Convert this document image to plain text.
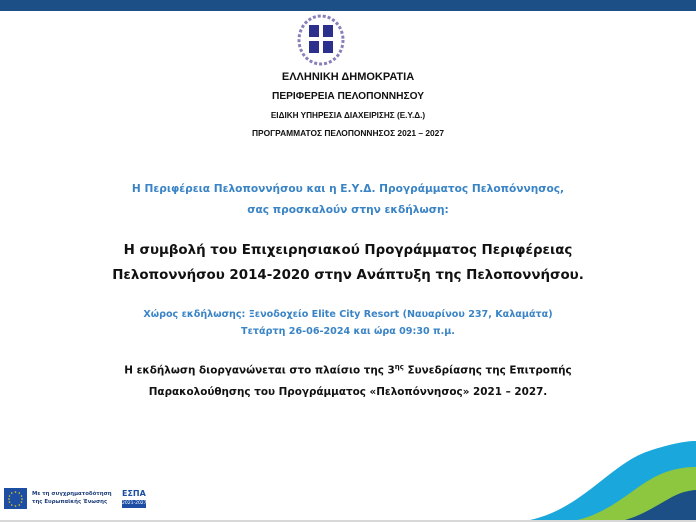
ΕΛΛΗΝΙΚΗ ΔΗΜΟΚΡΑΤΙΑ
ΠΕΡΙΦΕΡΕΙΑ ΠΕΛΟΠΟΝΝΗΣΟΥ
ΕΙΔΙΚΗ ΥΠΗΡΕΣΙΑ ΔΙΑΧΕΙΡΙΣΗΣ (Ε.Υ.Δ.)
ΠΡΟΓΡΑΜΜΑΤΟΣ ΠΕΛΟΠΟΝΝΗΣΟΣ 2021 – 2027
Η Περιφέρεια Πελοποννήσου και η Ε.Υ.Δ. Προγράμματος Πελοπόννησος,
σας προσκαλούν στην εκδήλωση:
Η συμβολή του Επιχειρησιακού Προγράμματος Περιφέρειας
Πελοποννήσου 2014-2020 στην Ανάπτυξη της Πελοποννήσου.
Χώρος εκδήλωσης: Ξενοδοχείο Elite City Resort (Ναυαρίνου 237, Καλαμάτα)
Τετάρτη 26-06-2024 και ώρα 09:30 π.μ.
Η εκδήλωση διοργανώνεται στο πλαίσιο της $3^{\eta\varsigma}$ Συνεδρίασης της Επιτροπής
Παρακολούθησης του Προγράμματος «Πελοπόννησος» 2021 – 2027.
Με τη συγχρηματοδότηση
της Ευρωπαϊκής Ένωσης
ΕΣΠΑ
2021-2027
